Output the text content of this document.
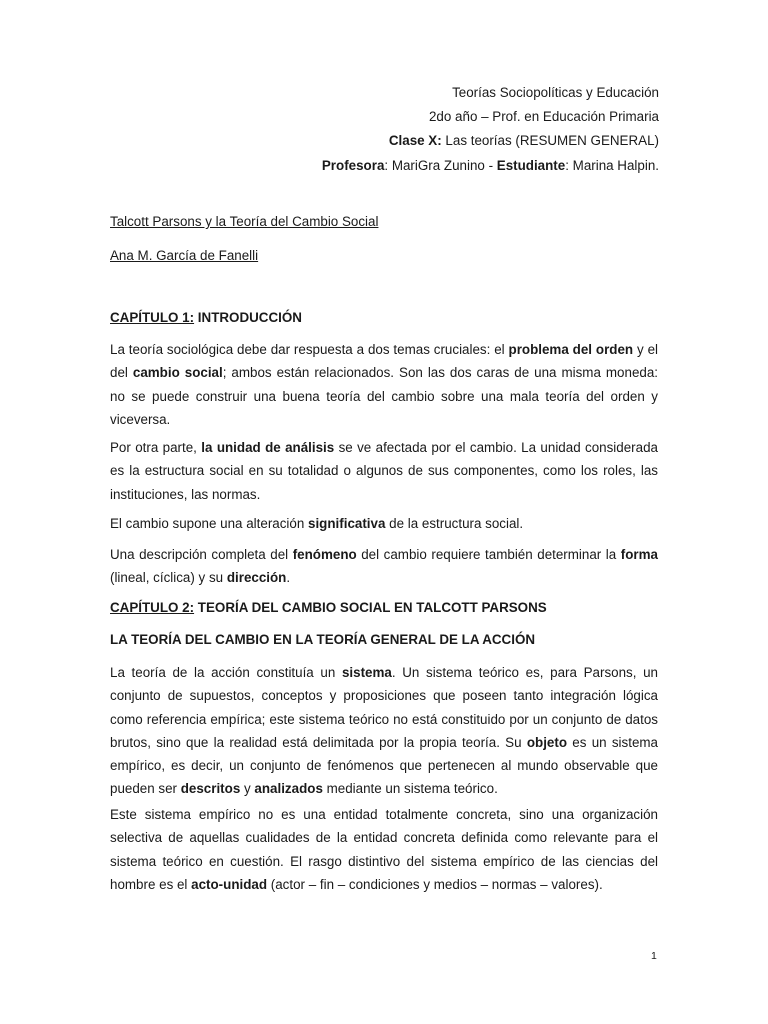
Teorías Sociopolíticas y Educación
2do año – Prof. en Educación Primaria
Clase X: Las teorías (RESUMEN GENERAL)
Profesora: MariGra Zunino - Estudiante: Marina Halpin.
Talcott Parsons y la Teoría del Cambio Social
Ana M. García de Fanelli
CAPÍTULO 1: INTRODUCCIÓN

La teoría sociológica debe dar respuesta a dos temas cruciales: el problema del orden y el del cambio social; ambos están relacionados. Son las dos caras de una misma moneda: no se puede construir una buena teoría del cambio sobre una mala teoría del orden y viceversa.

Por otra parte, la unidad de análisis se ve afectada por el cambio. La unidad considerada es la estructura social en su totalidad o algunos de sus componentes, como los roles, las instituciones, las normas.

El cambio supone una alteración significativa de la estructura social.

Una descripción completa del fenómeno del cambio requiere también determinar la forma (lineal, cíclica) y su dirección.

CAPÍTULO 2: TEORÍA DEL CAMBIO SOCIAL EN TALCOTT PARSONS
LA TEORÍA DEL CAMBIO EN LA TEORÍA GENERAL DE LA ACCIÓN

La teoría de la acción constituía un sistema. Un sistema teórico es, para Parsons, un conjunto de supuestos, conceptos y proposiciones que poseen tanto integración lógica como referencia empírica; este sistema teórico no está constituido por un conjunto de datos brutos, sino que la realidad está delimitada por la propia teoría. Su objeto es un sistema empírico, es decir, un conjunto de fenómenos que pertenecen al mundo observable que pueden ser descritos y analizados mediante un sistema teórico.

Este sistema empírico no es una entidad totalmente concreta, sino una organización selectiva de aquellas cualidades de la entidad concreta definida como relevante para el sistema teórico en cuestión. El rasgo distintivo del sistema empírico de las ciencias del hombre es el acto-unidad (actor – fin – condiciones y medios – normas – valores).

1
